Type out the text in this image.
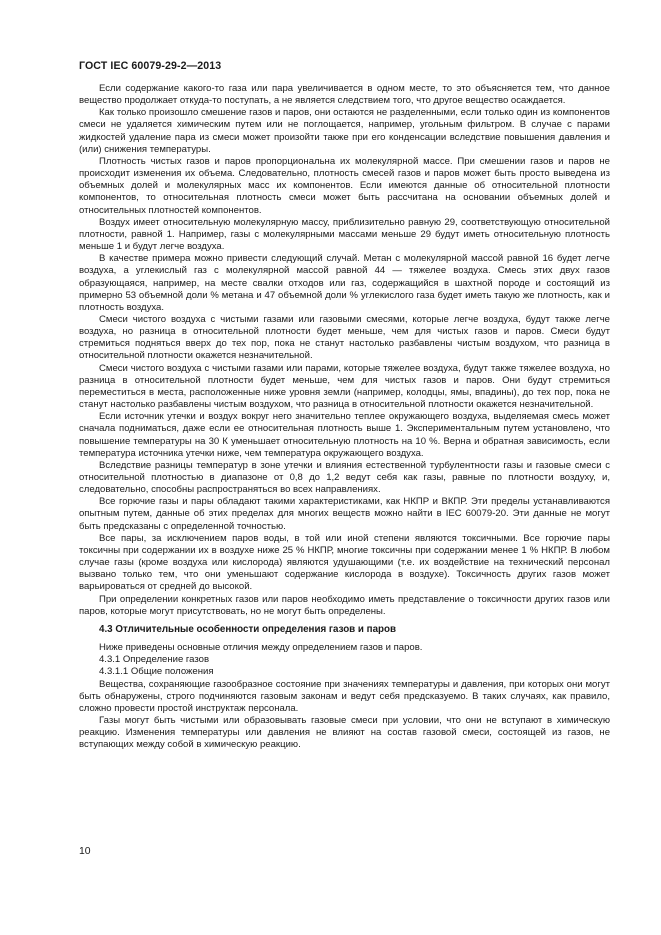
ГОСТ IEC 60079-29-2—2013

Если содержание какого-то газа или пара увеличивается в одном месте, то это объясняется тем, что данное вещество продолжает откуда-то поступать, а не является следствием того, что другое вещество осаждается.

Как только произошло смешение газов и паров, они остаются не разделенными, если только один из компонентов смеси не удаляется химическим путем или не поглощается, например, угольным фильтром. В случае с парами жидкостей удаление пара из смеси может произойти также при его конденсации вследствие повышения давления и (или) снижения температуры.

Плотность чистых газов и паров пропорциональна их молекулярной массе. При смешении газов и паров не происходит изменения их объема. Следовательно, плотность смесей газов и паров может быть просто выведена из объемных долей и молекулярных масс их компонентов. Если имеются данные об относительной плотности компонентов, то относительная плотность смеси может быть рассчитана на основании объемных долей и относительных плотностей компонентов.

Воздух имеет относительную молекулярную массу, приблизительно равную 29, соответствующую относительной плотности, равной 1. Например, газы с молекулярными массами меньше 29 будут иметь относительную плотность меньше 1 и будут легче воздуха.

В качестве примера можно привести следующий случай. Метан с молекулярной массой равной 16 будет легче воздуха, а углекислый газ с молекулярной массой равной 44 — тяжелее воздуха. Смесь этих двух газов образующаяся, например, на месте свалки отходов или газ, содержащийся в шахтной породе и состоящий из примерно 53 объемной доли % метана и 47 объемной доли % углекислого газа будет иметь такую же плотность, как и плотность воздуха.

Смеси чистого воздуха с чистыми газами или газовыми смесями, которые легче воздуха, будут также легче воздуха, но разница в относительной плотности будет меньше, чем для чистых газов и паров. Смеси будут стремиться подняться вверх до тех пор, пока не станут настолько разбавлены чистым воздухом, что разница в относительной плотности окажется незначительной.

Смеси чистого воздуха с чистыми газами или парами, которые тяжелее воздуха, будут также тяжелее воздуха, но разница в относительной плотности будет меньше, чем для чистых газов и паров. Они будут стремиться переместиться в места, расположенные ниже уровня земли (например, колодцы, ямы, впадины), до тех пор, пока не станут настолько разбавлены чистым воздухом, что разница в относительной плотности окажется незначительной.

Если источник утечки и воздух вокруг него значительно теплее окружающего воздуха, выделяемая смесь может сначала подниматься, даже если ее относительная плотность выше 1. Экспериментальным путем установлено, что повышение температуры на 30 К уменьшает относительную плотность на 10 %. Верна и обратная зависимость, если температура источника утечки ниже, чем температура окружающего воздуха.

Вследствие разницы температур в зоне утечки и влияния естественной турбулентности газы и газовые смеси с относительной плотностью в диапазоне от 0,8 до 1,2 ведут себя как газы, равные по плотности воздуху, и, следовательно, способны распространяться во всех направлениях.

Все горючие газы и пары обладают такими характеристиками, как НКПР и ВКПР. Эти пределы устанавливаются опытным путем, данные об этих пределах для многих веществ можно найти в IEC 60079-20. Эти данные не могут быть предсказаны с определенной точностью.

Все пары, за исключением паров воды, в той или иной степени являются токсичными. Все горючие пары токсичны при содержании их в воздухе ниже 25 % НКПР, многие токсичны при содержании менее 1 % НКПР. В любом случае газы (кроме воздуха или кислорода) являются удушающими (т.е. их воздействие на технический персонал вызвано только тем, что они уменьшают содержание кислорода в воздухе). Токсичность других газов может варьироваться от средней до высокой.

При определении конкретных газов или паров необходимо иметь представление о токсичности других газов или паров, которые могут присутствовать, но не могут быть определены.

4.3 Отличительные особенности определения газов и паров

Ниже приведены основные отличия между определением газов и паров.

4.3.1 Определение газов

4.3.1.1 Общие положения

Вещества, сохраняющие газообразное состояние при значениях температуры и давления, при которых они могут быть обнаружены, строго подчиняются газовым законам и ведут себя предсказуемо. В таких случаях, как правило, сложно провести простой инструктаж персонала.

Газы могут быть чистыми или образовывать газовые смеси при условии, что они не вступают в химическую реакцию. Изменения температуры или давления не влияют на состав газовой смеси, состоящей из газов, не вступающих между собой в химическую реакцию.

10
